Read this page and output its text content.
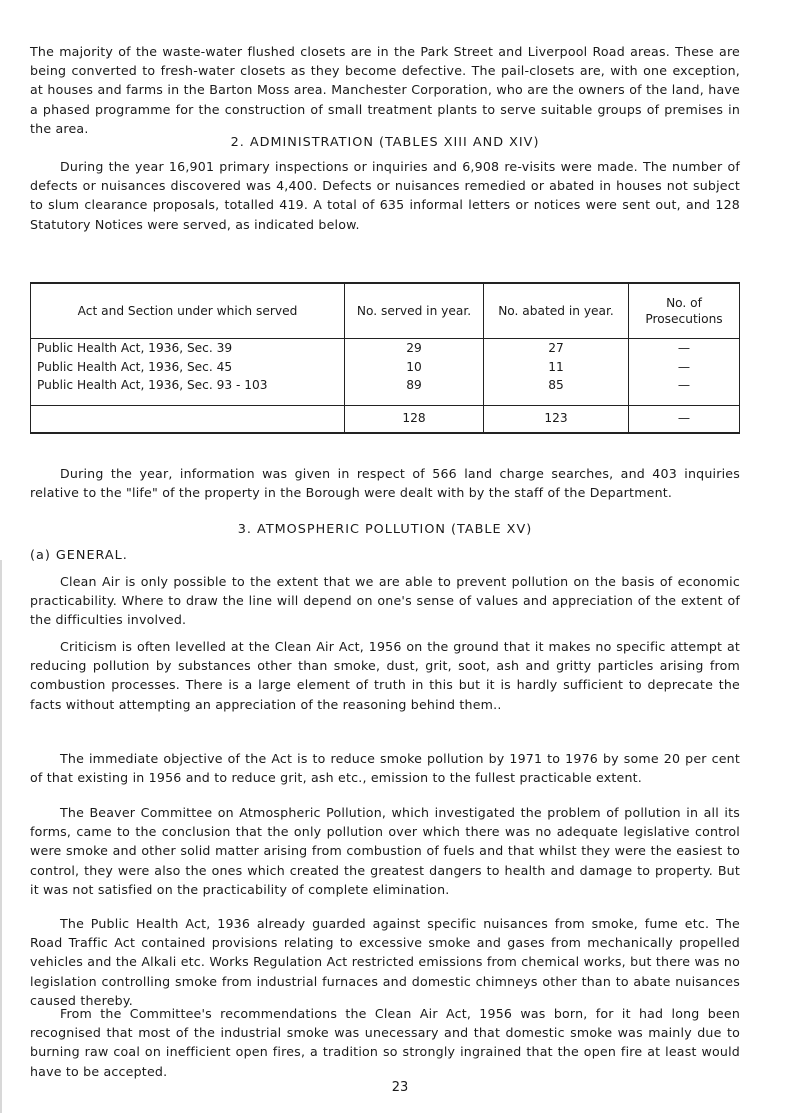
The majority of the waste-water flushed closets are in the Park Street and Liverpool Road areas. These are being converted to fresh-water closets as they become defective. The pail-closets are, with one exception, at houses and farms in the Barton Moss area. Manchester Corporation, who are the owners of the land, have a phased programme for the construction of small treatment plants to serve suitable groups of premises in the area.

2. ADMINISTRATION (TABLES XIII AND XIV)

During the year 16,901 primary inspections or inquiries and 6,908 re-visits were made. The number of defects or nuisances discovered was 4,400. Defects or nuisances remedied or abated in houses not subject to slum clearance proposals, totalled 419. A total of 635 informal letters or notices were sent out, and 128 Statutory Notices were served, as indicated below.

Act and Section under which served	No. served in year.	No. abated in year.	No. of Prosecutions
Public Health Act, 1936, Sec. 39	29	27	—
Public Health Act, 1936, Sec. 45	10	11	—
Public Health Act, 1936, Sec. 93 - 103	89	85	—

	128	123	—

During the year, information was given in respect of 566 land charge searches, and 403 inquiries relative to the "life" of the property in the Borough were dealt with by the staff of the Department.

3. ATMOSPHERIC POLLUTION (TABLE XV)
(a) GENERAL.

Clean Air is only possible to the extent that we are able to prevent pollution on the basis of economic practicability. Where to draw the line will depend on one's sense of values and appreciation of the extent of the difficulties involved.

Criticism is often levelled at the Clean Air Act, 1956 on the ground that it makes no specific attempt at reducing pollution by substances other than smoke, dust, grit, soot, ash and gritty particles arising from combustion processes. There is a large element of truth in this but it is hardly sufficient to deprecate the facts without attempting an appreciation of the reasoning behind them..

The immediate objective of the Act is to reduce smoke pollution by 1971 to 1976 by some 20 per cent of that existing in 1956 and to reduce grit, ash etc., emission to the fullest practicable extent.

The Beaver Committee on Atmospheric Pollution, which investigated the problem of pollution in all its forms, came to the conclusion that the only pollution over which there was no adequate legislative control were smoke and other solid matter arising from combustion of fuels and that whilst they were the easiest to control, they were also the ones which created the greatest dangers to health and damage to property. But it was not satisfied on the practicability of complete elimination.

The Public Health Act, 1936 already guarded against specific nuisances from smoke, fume etc. The Road Traffic Act contained provisions relating to excessive smoke and gases from mechanically propelled vehicles and the Alkali etc. Works Regulation Act restricted emissions from chemical works, but there was no legislation controlling smoke from industrial furnaces and domestic chimneys other than to abate nuisances caused thereby.

From the Committee's recommendations the Clean Air Act, 1956 was born, for it had long been recognised that most of the industrial smoke was unecessary and that domestic smoke was mainly due to burning raw coal on inefficient open fires, a tradition so strongly ingrained that the open fire at least would have to be accepted.

23
